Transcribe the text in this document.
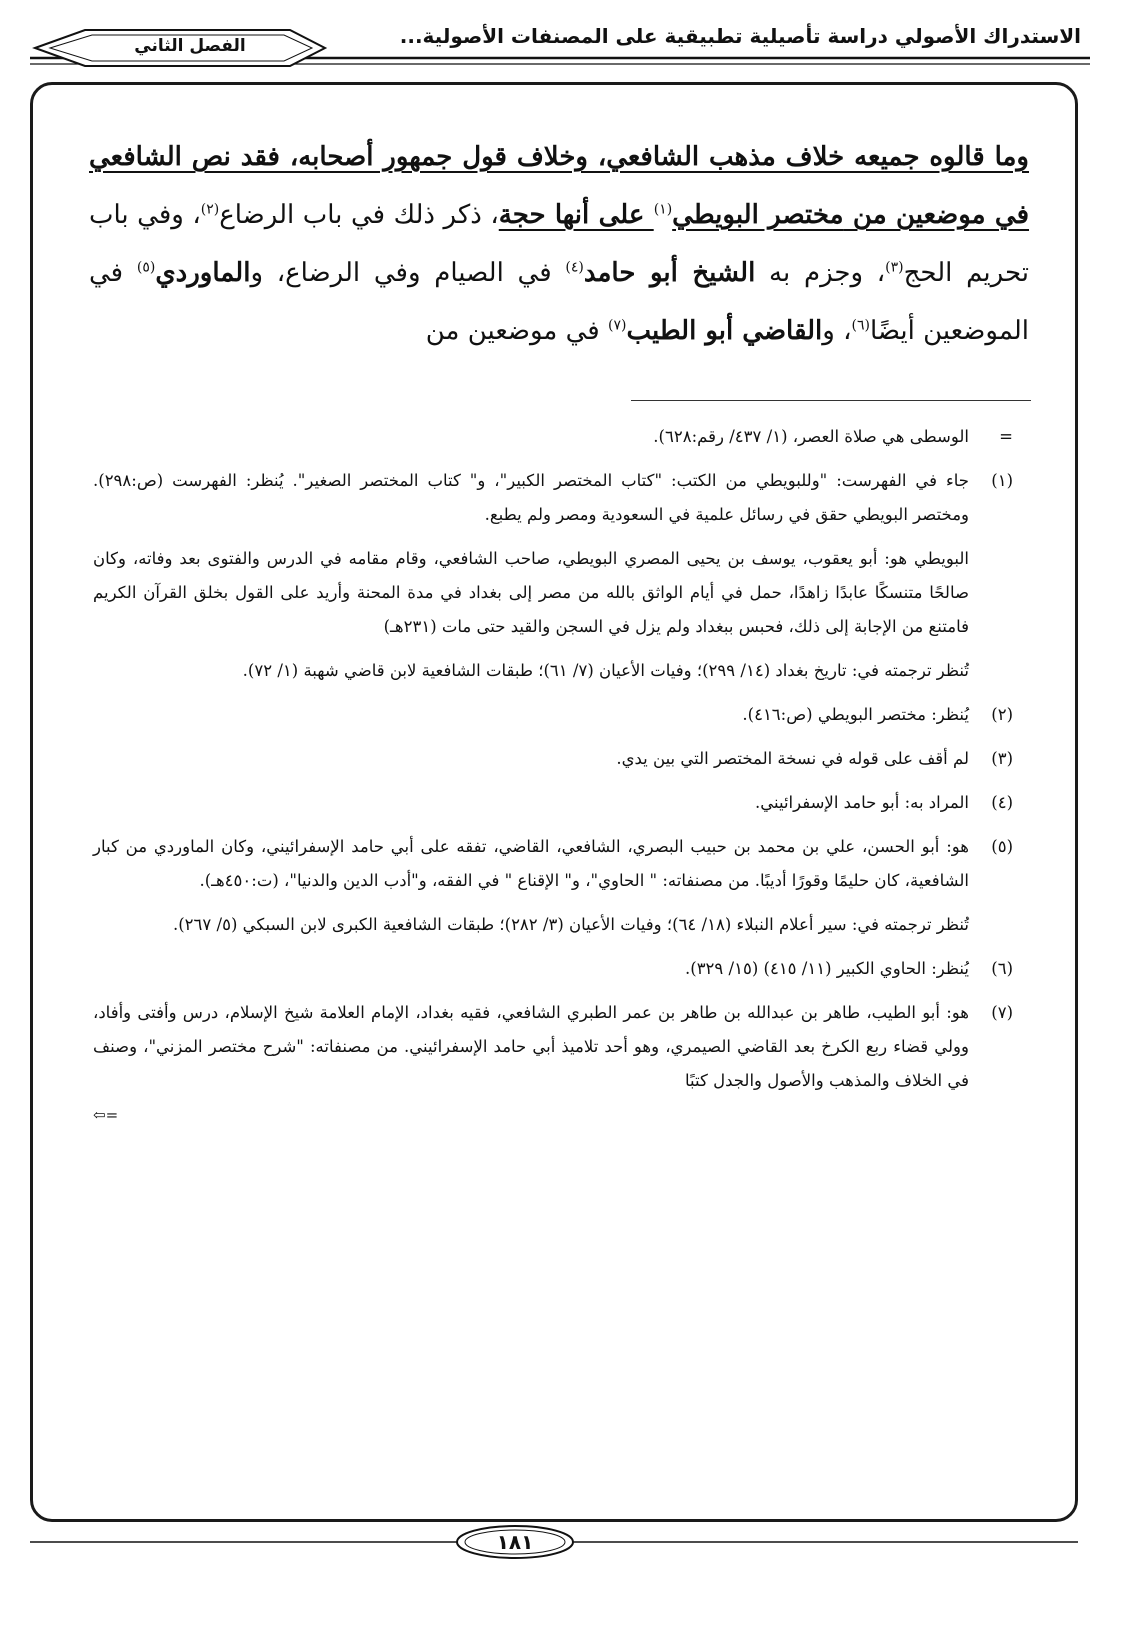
الاستدراك الأصولي دراسة تأصيلية تطبيقية على المصنفات الأصولية...
الفصل الثاني

وما قالوه جميعه خلاف مذهب الشافعي، وخلاف قول جمهور أصحابه، فقد نص الشافعي في موضعين من مختصر البويطي$^{(١)}$ على أنها حجة، ذكر ذلك في باب الرضاع$^{(٢)}$، وفي باب تحريم الحج$^{(٣)}$، وجزم به الشيخ أبو حامد$^{(٤)}$ في الصيام وفي الرضاع، والماوردي$^{(٥)}$ في الموضعين أيضًا$^{(٦)}$، والقاضي أبو الطيب$^{(٧)}$ في موضعين من

=

الوسطى هي صلاة العصر، (١/ ٤٣٧/ رقم:٦٢٨).

(١)

جاء في الفهرست: "وللبويطي من الكتب: "كتاب المختصر الكبير"، و" كتاب المختصر الصغير". يُنظر: الفهرست (ص:٢٩٨). ومختصر البويطي حقق في رسائل علمية في السعودية ومصر ولم يطبع.

البويطي هو: أبو يعقوب، يوسف بن يحيى المصري البويطي، صاحب الشافعي، وقام مقامه في الدرس والفتوى بعد وفاته، وكان صالحًا متنسكًا عابدًا زاهدًا، حمل في أيام الواثق بالله من مصر إلى بغداد في مدة المحنة وأريد على القول بخلق القرآن الكريم فامتنع من الإجابة إلى ذلك، فحبس ببغداد ولم يزل في السجن والقيد حتى مات (٢٣١هـ)

تُنظر ترجمته في: تاريخ بغداد (١٤/ ٢٩٩)؛ وفيات الأعيان (٧/ ٦١)؛ طبقات الشافعية لابن قاضي شهبة (١/ ٧٢).

(٢)

يُنظر: مختصر البويطي (ص:٤١٦).

(٣)

لم أقف على قوله في نسخة المختصر التي بين يدي.

(٤)

المراد به: أبو حامد الإسفرائيني.

(٥)

هو: أبو الحسن، علي بن محمد بن حبيب البصري، الشافعي، القاضي، تفقه على أبي حامد الإسفرائيني، وكان الماوردي من كبار الشافعية، كان حليمًا وقورًا أديبًا. من مصنفاته: " الحاوي"، و" الإقناع " في الفقه، و"أدب الدين والدنيا"، (ت:٤٥٠هـ).

تُنظر ترجمته في: سير أعلام النبلاء (١٨/ ٦٤)؛ وفيات الأعيان (٣/ ٢٨٢)؛ طبقات الشافعية الكبرى لابن السبكي (٥/ ٢٦٧).

(٦)

يُنظر: الحاوي الكبير (١١/ ٤١٥) (١٥/ ٣٢٩).

(٧)

هو: أبو الطيب، طاهر بن عبدالله بن طاهر بن عمر الطبري الشافعي، فقيه بغداد، الإمام العلامة شيخ الإسلام، درس وأفتى وأفاد، وولي قضاء ربع الكرخ بعد القاضي الصيمري، وهو أحد تلاميذ أبي حامد الإسفرائيني. من مصنفاته: "شرح مختصر المزني"، وصنف في الخلاف والمذهب والأصول والجدل كتبًا

⇦=
١٨١
